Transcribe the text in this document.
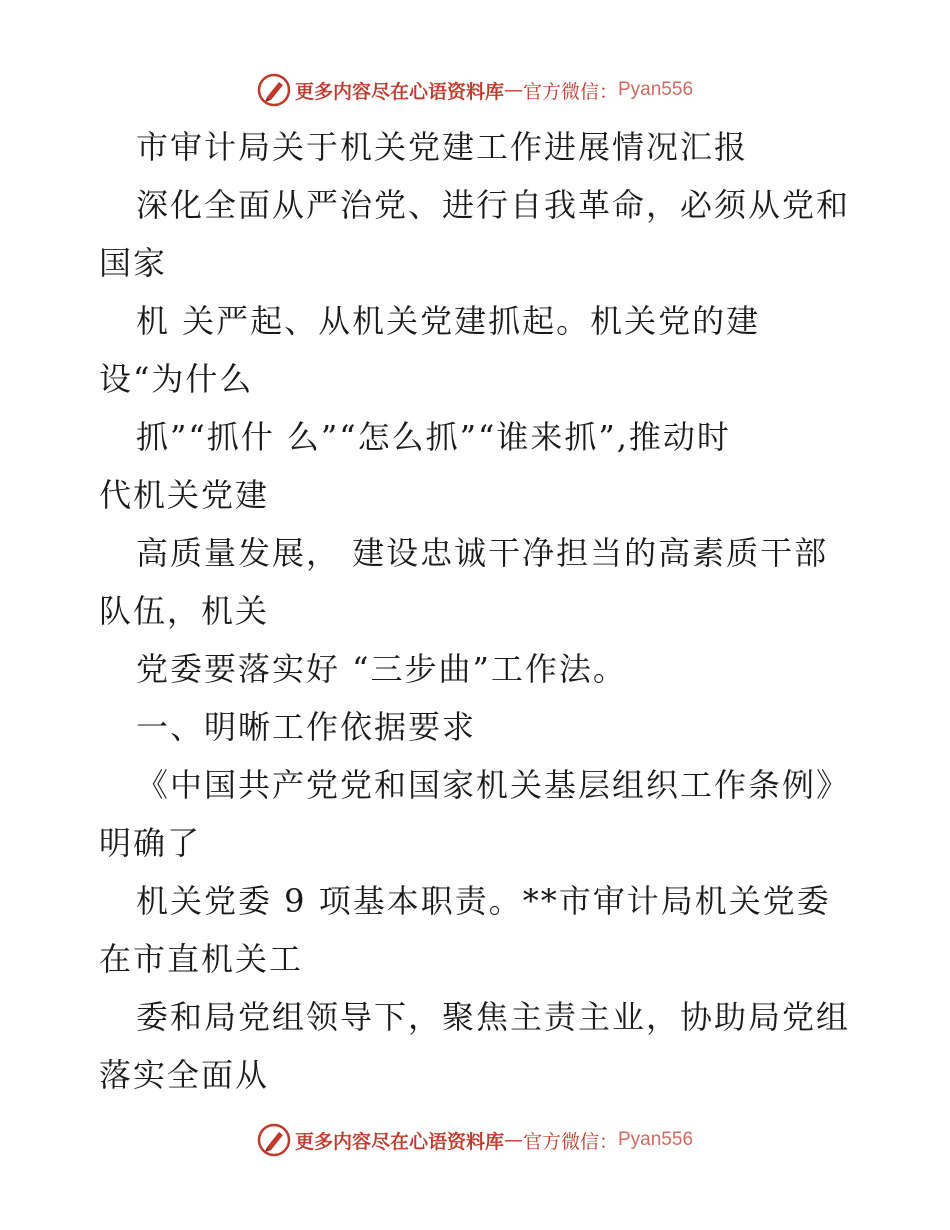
更多内容尽在心语资料库 — 官方微信： Pyan556
市审计局关于机关党建工作进展情况汇报
深化全面从严治党、进行自我革命，必须从党和
国家
机 关严起、从机关党建抓起。机关党的建
设“为什么
抓”“抓什 么”“怎么抓”“谁来抓”,推动时
代机关党建
高质量发展， 建设忠诚干净担当的高素质干部
队伍，机关
党委要落实好 “三步曲”工作法。
一、明晰工作依据要求
《中国共产党党和国家机关基层组织工作条例》
明确了
机关党委 9 项基本职责。**市审计局机关党委
在市直机关工
委和局党组领导下，聚焦主责主业，协助局党组
落实全面从
更多内容尽在心语资料库 — 官方微信： Pyan556
